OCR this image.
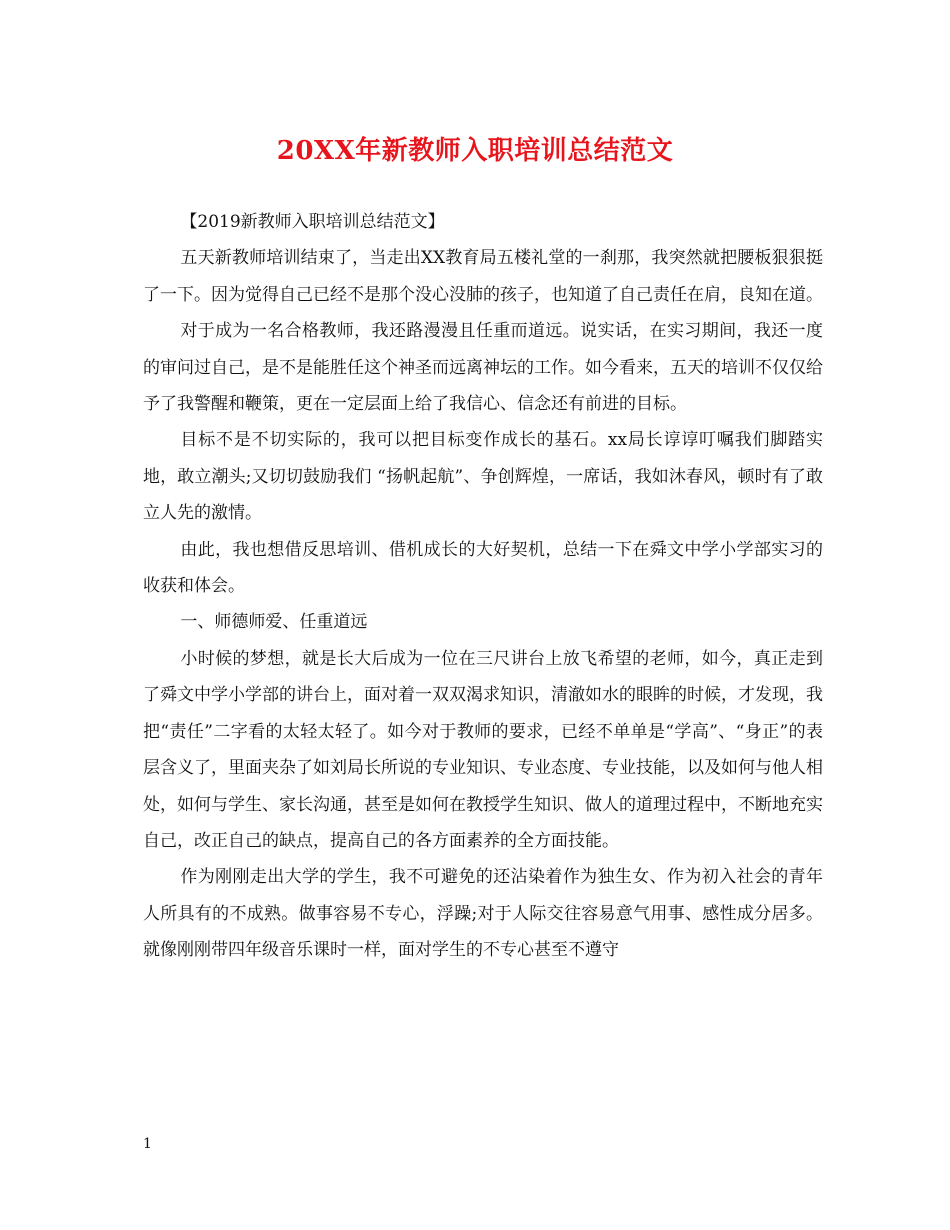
20XX年新教师入职培训总结范文

【2019新教师入职培训总结范文】

五天新教师培训结束了，当走出XX教育局五楼礼堂的一刹那，我突然就把腰板狠狠挺了一下。因为觉得自己已经不是那个没心没肺的孩子，也知道了自己责任在肩，良知在道。

对于成为一名合格教师，我还路漫漫且任重而道远。说实话，在实习期间，我还一度的审问过自己，是不是能胜任这个神圣而远离神坛的工作。如今看来，五天的培训不仅仅给予了我警醒和鞭策，更在一定层面上给了我信心、信念还有前进的目标。

目标不是不切实际的，我可以把目标变作成长的基石。xx局长谆谆叮嘱我们脚踏实地，敢立潮头;又切切鼓励我们 “扬帆起航”、争创辉煌，一席话，我如沐春风，顿时有了敢立人先的激情。

由此，我也想借反思培训、借机成长的大好契机，总结一下在舜文中学小学部实习的收获和体会。

一、师德师爱、任重道远

小时候的梦想，就是长大后成为一位在三尺讲台上放飞希望的老师，如今，真正走到了舜文中学小学部的讲台上，面对着一双双渴求知识，清澈如水的眼眸的时候，才发现，我把“责任”二字看的太轻太轻了。如今对于教师的要求，已经不单单是“学高”、“身正”的表层含义了，里面夹杂了如刘局长所说的专业知识、专业态度、专业技能，以及如何与他人相处，如何与学生、家长沟通，甚至是如何在教授学生知识、做人的道理过程中，不断地充实自己，改正自己的缺点，提高自己的各方面素养的全方面技能。

作为刚刚走出大学的学生，我不可避免的还沾染着作为独生女、作为初入社会的青年人所具有的不成熟。做事容易不专心，浮躁;对于人际交往容易意气用事、感性成分居多。就像刚刚带四年级音乐课时一样，面对学生的不专心甚至不遵守

1
